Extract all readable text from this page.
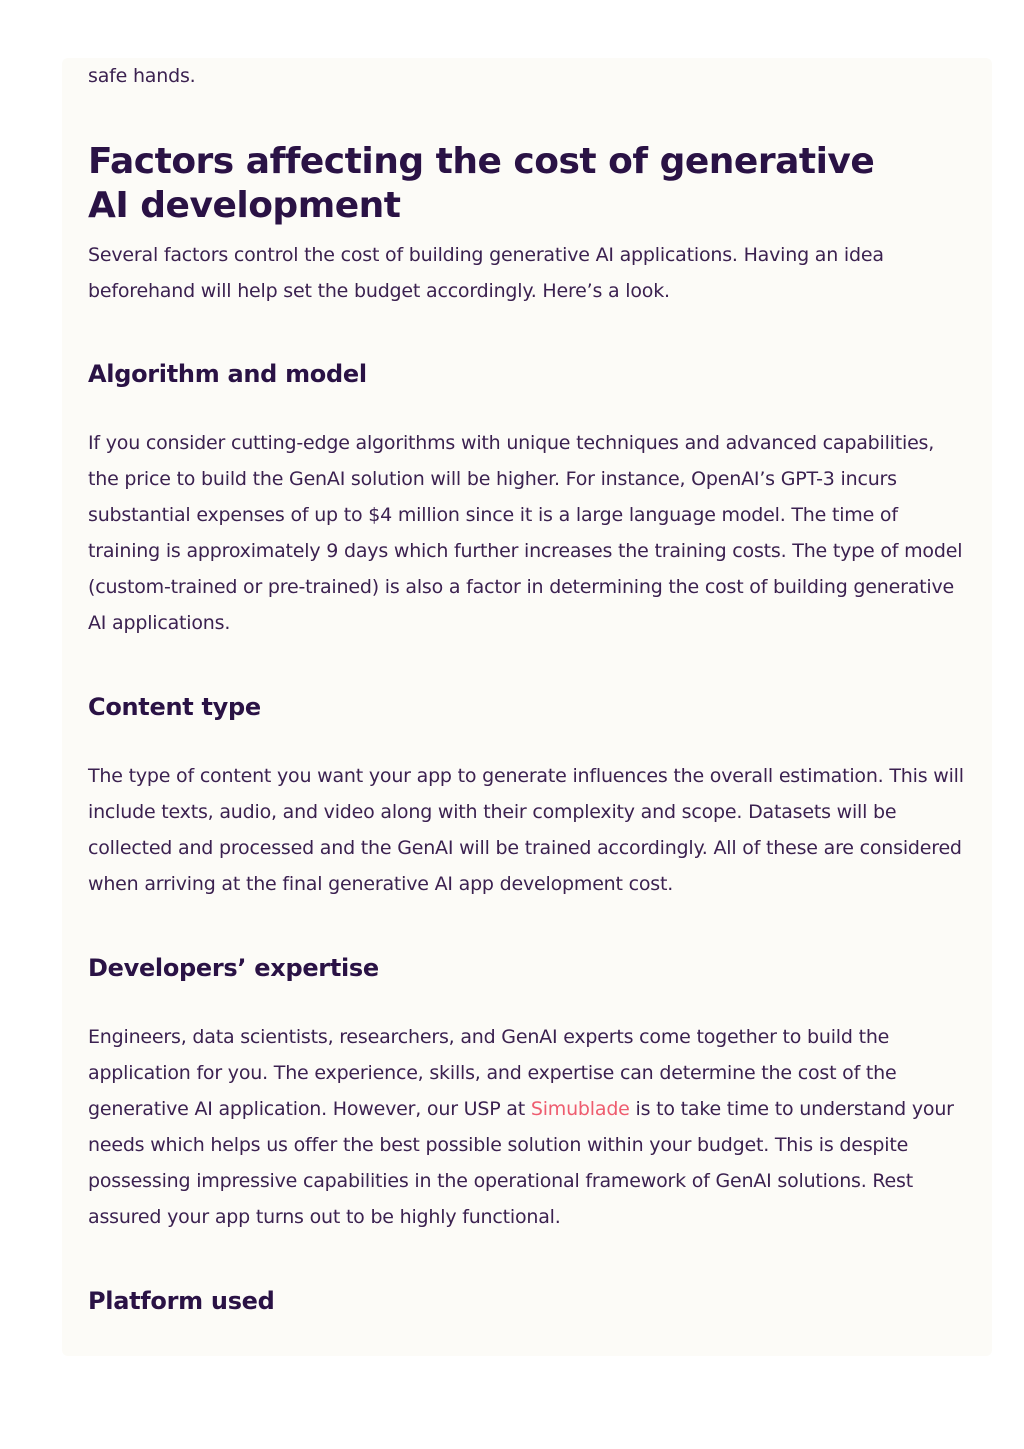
safe hands.

Factors affecting the cost of generative AI development

Several factors control the cost of building generative AI applications. Having an idea beforehand will help set the budget accordingly. Here’s a look.

Algorithm and model

If you consider cutting-edge algorithms with unique techniques and advanced capabilities, the price to build the GenAI solution will be higher. For instance, OpenAI’s GPT-3 incurs substantial expenses of up to $4 million since it is a large language model. The time of training is approximately 9 days which further increases the training costs. The type of model (custom-trained or pre-trained) is also a factor in determining the cost of building generative AI applications.

Content type

The type of content you want your app to generate influences the overall estimation. This will include texts, audio, and video along with their complexity and scope. Datasets will be collected and processed and the GenAI will be trained accordingly. All of these are considered when arriving at the final generative AI app development cost.

Developers’ expertise

Engineers, data scientists, researchers, and GenAI experts come together to build the application for you. The experience, skills, and expertise can determine the cost of the generative AI application. However, our USP at Simublade is to take time to understand your needs which helps us offer the best possible solution within your budget. This is despite possessing impressive capabilities in the operational framework of GenAI solutions. Rest assured your app turns out to be highly functional.

Platform used
